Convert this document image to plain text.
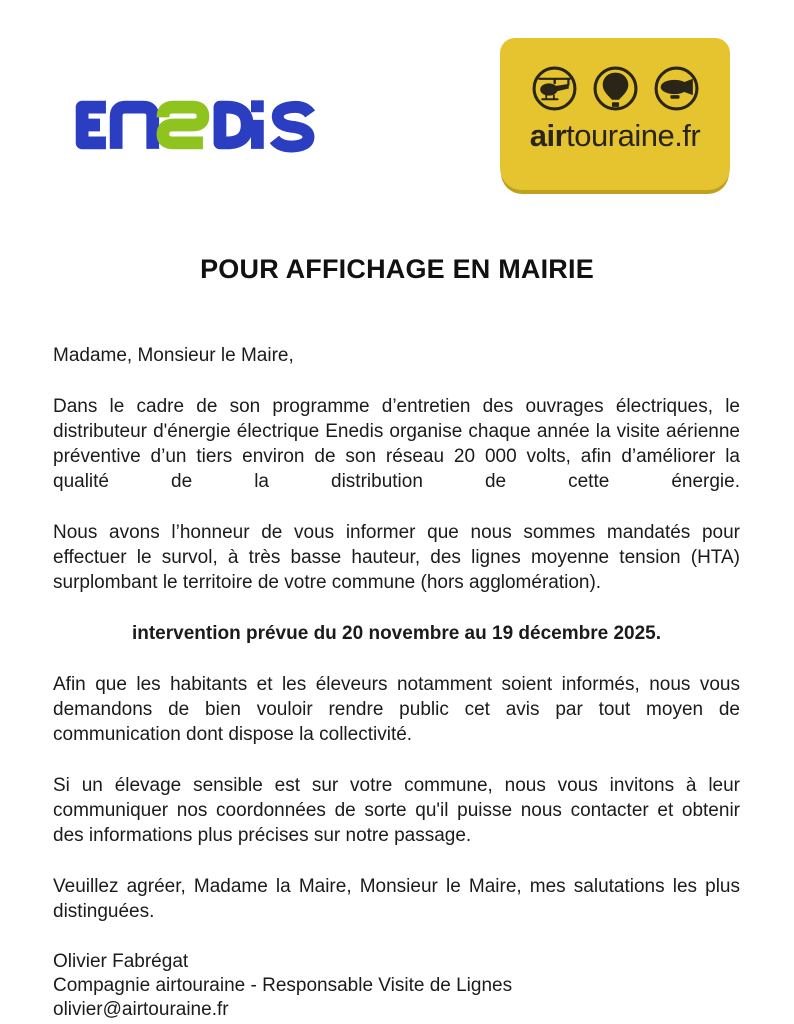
airtouraine.fr
POUR AFFICHAGE EN MAIRIE

Madame, Monsieur le Maire,

Dans le cadre de son programme d’entretien des ouvrages électriques, le distributeur d'énergie électrique Enedis organise chaque année la visite aérienne préventive d’un tiers environ de son réseau 20 000 volts, afin d’améliorer la qualité de la distribution de cette énergie.

Nous avons l’honneur de vous informer que nous sommes mandatés pour effectuer le survol, à très basse hauteur, des lignes moyenne tension (HTA) surplombant le territoire de votre commune (hors agglomération).

intervention prévue du 20 novembre au 19 décembre 2025.

Afin que les habitants et les éleveurs notamment soient informés, nous vous demandons de bien vouloir rendre public cet avis par tout moyen de communication dont dispose la collectivité.

Si un élevage sensible est sur votre commune, nous vous invitons à leur communiquer nos coordonnées de sorte qu'il puisse nous contacter et obtenir des informations plus précises sur notre passage.

Veuillez agréer, Madame la Maire, Monsieur le Maire, mes salutations les plus distinguées.

Olivier Fabrégat
Compagnie airtouraine - Responsable Visite de Lignes
olivier@airtouraine.fr
